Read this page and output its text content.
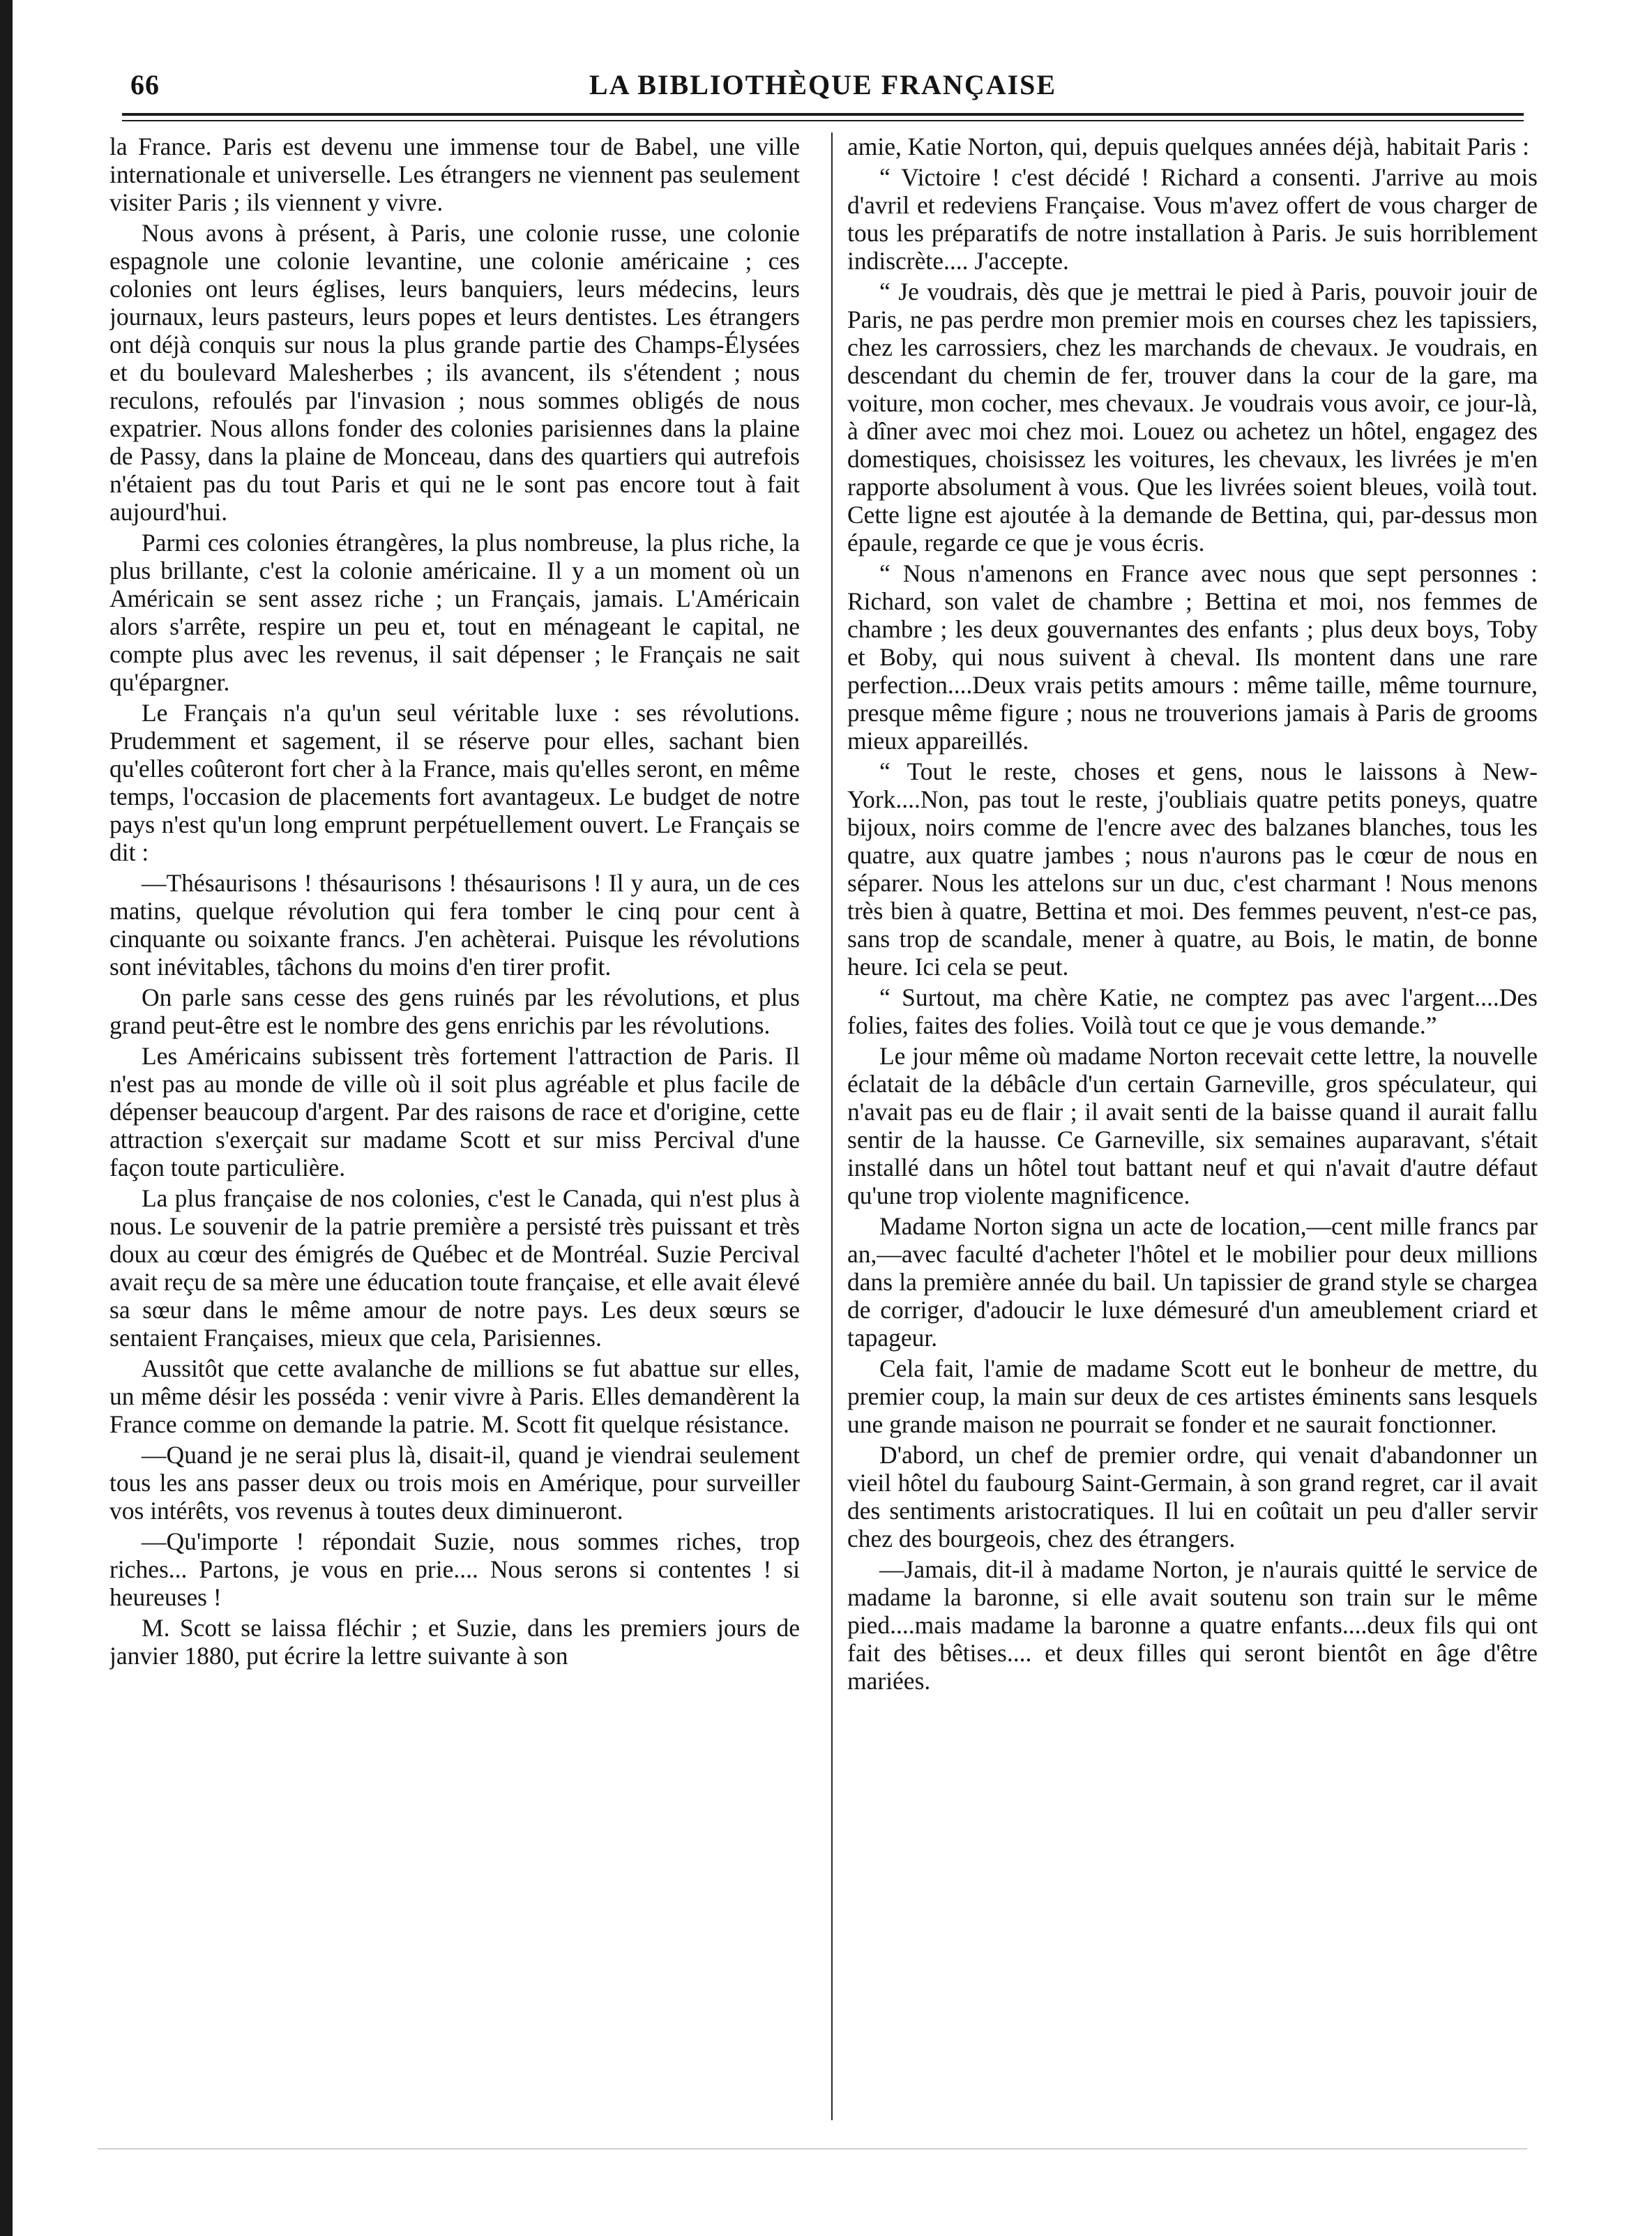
66	LA BIBLIOTHÈQUE FRANÇAISE

la France. Paris est devenu une immense tour de Babel, une ville internationale et universelle. Les étrangers ne viennent pas seulement visiter Paris ; ils viennent y vivre.

Nous avons à présent, à Paris, une colonie russe, une colonie espagnole une colonie levantine, une colonie américaine ; ces colonies ont leurs églises, leurs banquiers, leurs médecins, leurs journaux, leurs pasteurs, leurs popes et leurs dentistes. Les étrangers ont déjà conquis sur nous la plus grande partie des Champs-Élysées et du boulevard Malesherbes ; ils avancent, ils s'étendent ; nous reculons, refoulés par l'invasion ; nous sommes obligés de nous expatrier. Nous allons fonder des colonies parisiennes dans la plaine de Passy, dans la plaine de Monceau, dans des quartiers qui autrefois n'étaient pas du tout Paris et qui ne le sont pas encore tout à fait aujourd'hui.

Parmi ces colonies étrangères, la plus nombreuse, la plus riche, la plus brillante, c'est la colonie américaine. Il y a un moment où un Américain se sent assez riche ; un Français, jamais. L'Américain alors s'arrête, respire un peu et, tout en ménageant le capital, ne compte plus avec les revenus, il sait dépenser ; le Français ne sait qu'épargner.

Le Français n'a qu'un seul véritable luxe : ses révolutions. Prudemment et sagement, il se réserve pour elles, sachant bien qu'elles coûteront fort cher à la France, mais qu'elles seront, en même temps, l'occasion de placements fort avantageux. Le budget de notre pays n'est qu'un long emprunt perpétuellement ouvert. Le Français se dit :

—Thésaurisons ! thésaurisons ! thésaurisons ! Il y aura, un de ces matins, quelque révolution qui fera tomber le cinq pour cent à cinquante ou soixante francs. J'en achèterai. Puisque les révolutions sont inévitables, tâchons du moins d'en tirer profit.

On parle sans cesse des gens ruinés par les révolutions, et plus grand peut-être est le nombre des gens enrichis par les révolutions.

Les Américains subissent très fortement l'attraction de Paris. Il n'est pas au monde de ville où il soit plus agréable et plus facile de dépenser beaucoup d'argent. Par des raisons de race et d'origine, cette attraction s'exerçait sur madame Scott et sur miss Percival d'une façon toute particulière.

La plus française de nos colonies, c'est le Canada, qui n'est plus à nous. Le souvenir de la patrie première a persisté très puissant et très doux au cœur des émigrés de Québec et de Montréal. Suzie Percival avait reçu de sa mère une éducation toute française, et elle avait élevé sa sœur dans le même amour de notre pays. Les deux sœurs se sentaient Françaises, mieux que cela, Parisiennes.

Aussitôt que cette avalanche de millions se fut abattue sur elles, un même désir les posséda : venir vivre à Paris. Elles demandèrent la France comme on demande la patrie. M. Scott fit quelque résistance.

—Quand je ne serai plus là, disait-il, quand je viendrai seulement tous les ans passer deux ou trois mois en Amérique, pour surveiller vos intérêts, vos revenus à toutes deux diminueront.

—Qu'importe ! répondait Suzie, nous sommes riches, trop riches... Partons, je vous en prie.... Nous serons si contentes ! si heureuses !

M. Scott se laissa fléchir ; et Suzie, dans les premiers jours de janvier 1880, put écrire la lettre suivante à son

amie, Katie Norton, qui, depuis quelques années déjà, habitait Paris :

“ Victoire ! c'est décidé ! Richard a consenti. J'arrive au mois d'avril et redeviens Française. Vous m'avez offert de vous charger de tous les préparatifs de notre installation à Paris. Je suis horriblement indiscrète.... J'accepte.

“ Je voudrais, dès que je mettrai le pied à Paris, pouvoir jouir de Paris, ne pas perdre mon premier mois en courses chez les tapissiers, chez les carrossiers, chez les marchands de chevaux. Je voudrais, en descendant du chemin de fer, trouver dans la cour de la gare, ma voiture, mon cocher, mes chevaux. Je voudrais vous avoir, ce jour-là, à dîner avec moi chez moi. Louez ou achetez un hôtel, engagez des domestiques, choisissez les voitures, les chevaux, les livrées je m'en rapporte absolument à vous. Que les livrées soient bleues, voilà tout. Cette ligne est ajoutée à la demande de Bettina, qui, par-dessus mon épaule, regarde ce que je vous écris.

“ Nous n'amenons en France avec nous que sept personnes : Richard, son valet de chambre ; Bettina et moi, nos femmes de chambre ; les deux gouvernantes des enfants ; plus deux boys, Toby et Boby, qui nous suivent à cheval. Ils montent dans une rare perfection....Deux vrais petits amours : même taille, même tournure, presque même figure ; nous ne trouverions jamais à Paris de grooms mieux appareillés.

“ Tout le reste, choses et gens, nous le laissons à New-York....Non, pas tout le reste, j'oubliais quatre petits poneys, quatre bijoux, noirs comme de l'encre avec des balzanes blanches, tous les quatre, aux quatre jambes ; nous n'aurons pas le cœur de nous en séparer. Nous les attelons sur un duc, c'est charmant ! Nous menons très bien à quatre, Bettina et moi. Des femmes peuvent, n'est-ce pas, sans trop de scandale, mener à quatre, au Bois, le matin, de bonne heure. Ici cela se peut.

“ Surtout, ma chère Katie, ne comptez pas avec l'argent....Des folies, faites des folies. Voilà tout ce que je vous demande.”

Le jour même où madame Norton recevait cette lettre, la nouvelle éclatait de la débâcle d'un certain Garneville, gros spéculateur, qui n'avait pas eu de flair ; il avait senti de la baisse quand il aurait fallu sentir de la hausse. Ce Garneville, six semaines auparavant, s'était installé dans un hôtel tout battant neuf et qui n'avait d'autre défaut qu'une trop violente magnificence.

Madame Norton signa un acte de location,—cent mille francs par an,—avec faculté d'acheter l'hôtel et le mobilier pour deux millions dans la première année du bail. Un tapissier de grand style se chargea de corriger, d'adoucir le luxe démesuré d'un ameublement criard et tapageur.

Cela fait, l'amie de madame Scott eut le bonheur de mettre, du premier coup, la main sur deux de ces artistes éminents sans lesquels une grande maison ne pourrait se fonder et ne saurait fonctionner.

D'abord, un chef de premier ordre, qui venait d'abandonner un vieil hôtel du faubourg Saint-Germain, à son grand regret, car il avait des sentiments aristocratiques. Il lui en coûtait un peu d'aller servir chez des bourgeois, chez des étrangers.

—Jamais, dit-il à madame Norton, je n'aurais quitté le service de madame la baronne, si elle avait soutenu son train sur le même pied....mais madame la baronne a quatre enfants....deux fils qui ont fait des bêtises.... et deux filles qui seront bientôt en âge d'être mariées.
